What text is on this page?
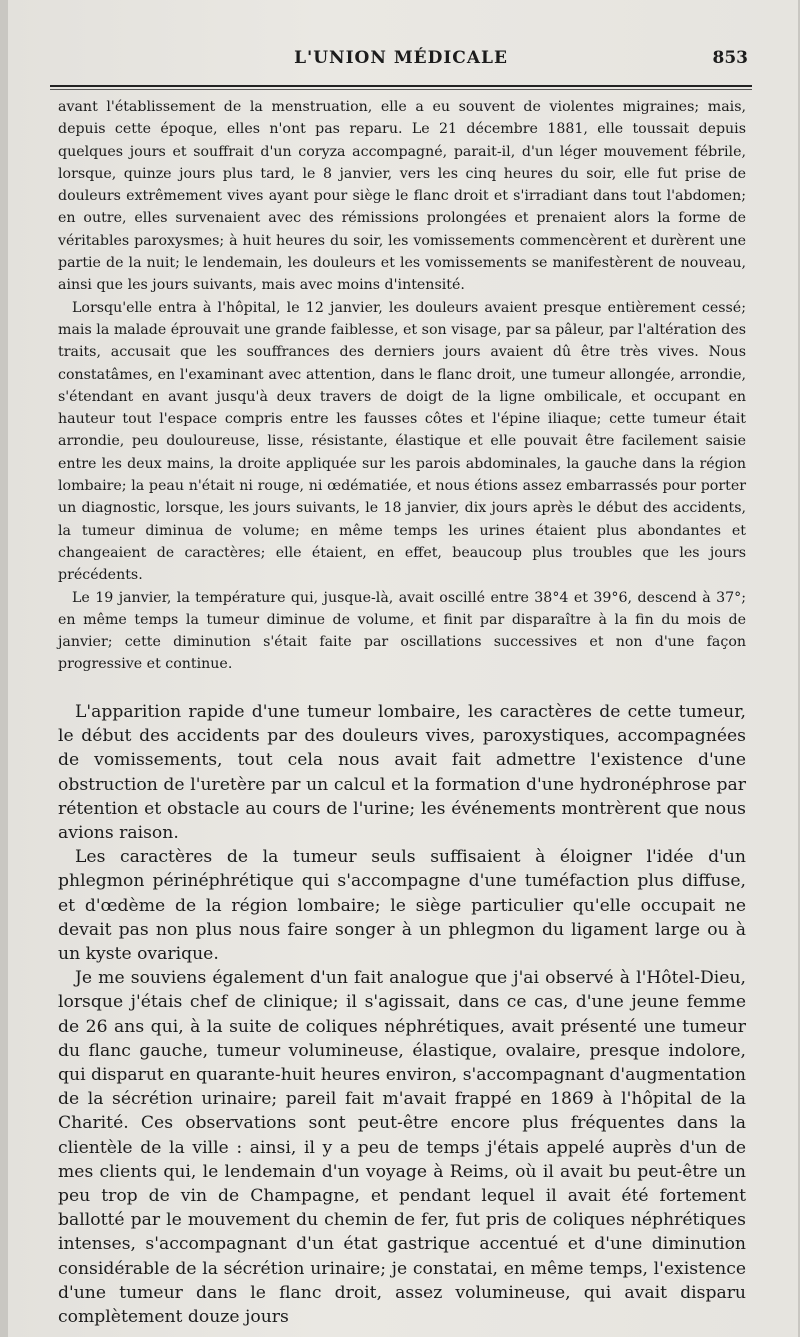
L'UNION MÉDICALE	853

avant l'établissement de la menstruation, elle a eu souvent de violentes migraines; mais, depuis cette époque, elles n'ont pas reparu. Le 21 décembre 1881, elle toussait depuis quelques jours et souffrait d'un coryza accompagné, parait-il, d'un léger mouvement fébrile, lorsque, quinze jours plus tard, le 8 janvier, vers les cinq heures du soir, elle fut prise de douleurs extrêmement vives ayant pour siège le flanc droit et s'irradiant dans tout l'abdomen; en outre, elles survenaient avec des rémissions prolongées et prenaient alors la forme de véritables paroxysmes; à huit heures du soir, les vomissements commencèrent et durèrent une partie de la nuit; le lendemain, les douleurs et les vomissements se manifestèrent de nouveau, ainsi que les jours suivants, mais avec moins d'intensité.

Lorsqu'elle entra à l'hôpital, le 12 janvier, les douleurs avaient presque entièrement cessé; mais la malade éprouvait une grande faiblesse, et son visage, par sa pâleur, par l'altération des traits, accusait que les souffrances des derniers jours avaient dû être très vives. Nous constatâmes, en l'examinant avec attention, dans le flanc droit, une tumeur allongée, arrondie, s'étendant en avant jusqu'à deux travers de doigt de la ligne ombilicale, et occupant en hauteur tout l'espace compris entre les fausses côtes et l'épine iliaque; cette tumeur était arrondie, peu douloureuse, lisse, résistante, élastique et elle pouvait être facilement saisie entre les deux mains, la droite appliquée sur les parois abdominales, la gauche dans la région lombaire; la peau n'était ni rouge, ni œdématiée, et nous étions assez embarrassés pour porter un diagnostic, lorsque, les jours suivants, le 18 janvier, dix jours après le début des accidents, la tumeur diminua de volume; en même temps les urines étaient plus abondantes et changeaient de caractères; elle étaient, en effet, beaucoup plus troubles que les jours précédents.

Le 19 janvier, la température qui, jusque-là, avait oscillé entre 38°4 et 39°6, descend à 37°; en même temps la tumeur diminue de volume, et finit par disparaître à la fin du mois de janvier; cette diminution s'était faite par oscillations successives et non d'une façon progressive et continue.

L'apparition rapide d'une tumeur lombaire, les caractères de cette tumeur, le début des accidents par des douleurs vives, paroxystiques, accompagnées de vomissements, tout cela nous avait fait admettre l'existence d'une obstruction de l'uretère par un calcul et la formation d'une hydronéphrose par rétention et obstacle au cours de l'urine; les événements montrèrent que nous avions raison.

Les caractères de la tumeur seuls suffisaient à éloigner l'idée d'un phlegmon périnéphrétique qui s'accompagne d'une tuméfaction plus diffuse, et d'œdème de la région lombaire; le siège particulier qu'elle occupait ne devait pas non plus nous faire songer à un phlegmon du ligament large ou à un kyste ovarique.

Je me souviens également d'un fait analogue que j'ai observé à l'Hôtel-Dieu, lorsque j'étais chef de clinique; il s'agissait, dans ce cas, d'une jeune femme de 26 ans qui, à la suite de coliques néphrétiques, avait présenté une tumeur du flanc gauche, tumeur volumineuse, élastique, ovalaire, presque indolore, qui disparut en quarante-huit heures environ, s'accompagnant d'augmentation de la sécrétion urinaire; pareil fait m'avait frappé en 1869 à l'hôpital de la Charité. Ces observations sont peut-être encore plus fréquentes dans la clientèle de la ville : ainsi, il y a peu de temps j'étais appelé auprès d'un de mes clients qui, le lendemain d'un voyage à Reims, où il avait bu peut-être un peu trop de vin de Champagne, et pendant lequel il avait été fortement ballotté par le mouvement du chemin de fer, fut pris de coliques néphrétiques intenses, s'accompagnant d'un état gastrique accentué et d'une diminution considérable de la sécrétion urinaire; je constatai, en même temps, l'existence d'une tumeur dans le flanc droit, assez volumineuse, qui avait disparu complètement douze jours
